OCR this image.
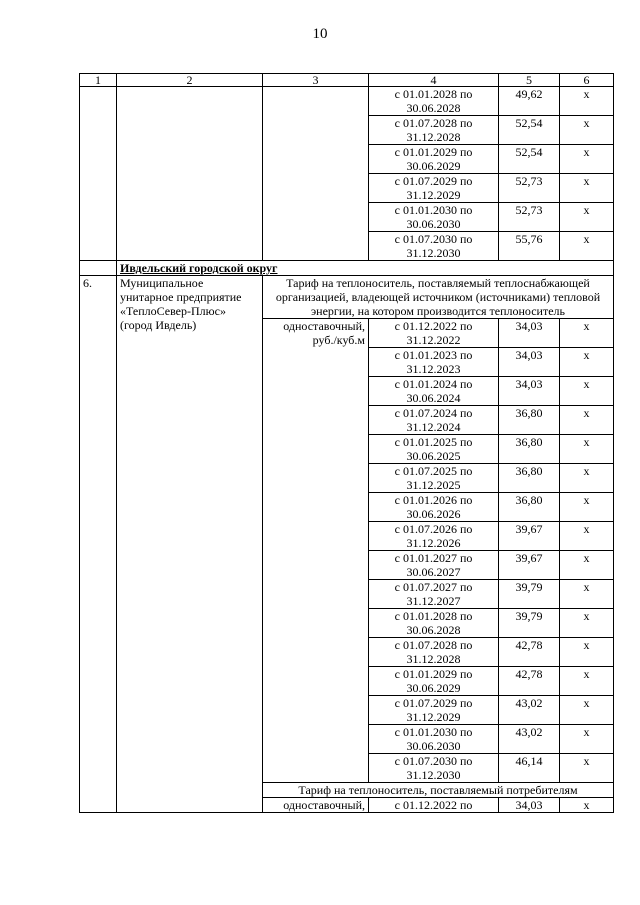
10
1	2	3	4	5	6
			с 01.01.2028 по 30.06.2028	49,62	x
			с 01.07.2028 по 31.12.2028	52,54	x
			с 01.01.2029 по 30.06.2029	52,54	x
			с 01.07.2029 по 31.12.2029	52,73	x
			с 01.01.2030 по 30.06.2030	52,73	x
			с 01.07.2030 по 31.12.2030	55,76	x
	Ивдельский городской округ				
6.	Муниципальное унитарное предприятие «ТеплоСевер-Плюс» (город Ивдель)	Тариф на теплоноситель, поставляемый теплоснабжающей организацией, владеющей источником (источниками) тепловой энергии, на котором производится теплоноситель			
		одноставочный, руб./куб.м	с 01.12.2022 по 31.12.2022	34,03	x
			с 01.01.2023 по 31.12.2023	34,03	x
			с 01.01.2024 по 30.06.2024	34,03	x
			с 01.07.2024 по 31.12.2024	36,80	x
			с 01.01.2025 по 30.06.2025	36,80	x
			с 01.07.2025 по 31.12.2025	36,80	x
			с 01.01.2026 по 30.06.2026	36,80	x
			с 01.07.2026 по 31.12.2026	39,67	x
			с 01.01.2027 по 30.06.2027	39,67	x
			с 01.07.2027 по 31.12.2027	39,79	x
			с 01.01.2028 по 30.06.2028	39,79	x
			с 01.07.2028 по 31.12.2028	42,78	x
			с 01.01.2029 по 30.06.2029	42,78	x
			с 01.07.2029 по 31.12.2029	43,02	x
			с 01.01.2030 по 30.06.2030	43,02	x
			с 01.07.2030 по 31.12.2030	46,14	x
		Тариф на теплоноситель, поставляемый потребителям			
		одноставочный,	с 01.12.2022 по	34,03	x
